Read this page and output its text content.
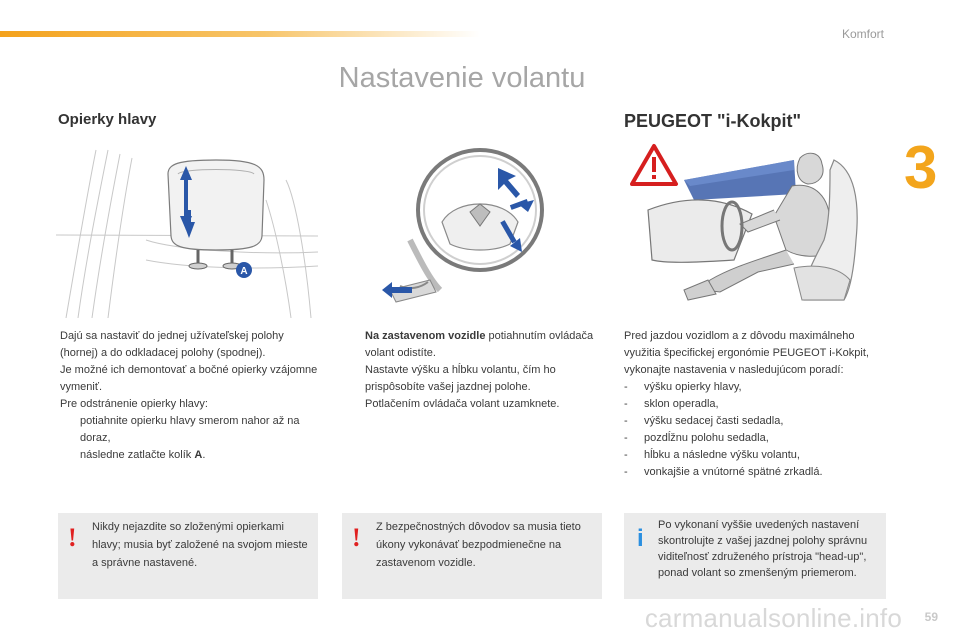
Komfort
3
Nastavenie volantu
Opierky hlavy	PEUGEOT "i-Kokpit"
A

Dajú sa nastaviť do jednej užívateľskej polohy (hornej) a do odkladacej polohy (spodnej).

Je možné ich demontovať a bočné opierky vzájomne vymeniť.

Pre odstránenie opierky hlavy:

potiahnite opierku hlavy smerom nahor až na doraz,
následne zatlačte kolík A.
Na zastavenom vozidle potiahnutím ovládača volant odistíte.
Nastavte výšku a hĺbku volantu, čím ho prispôsobíte vašej jazdnej polohe.
Potlačením ovládača volant uzamknete.

Pred jazdou vozidlom a z dôvodu maximálneho využitia špecifickej ergonómie PEUGEOT i-Kokpit, vykonajte nastavenia v nasledujúcom poradí:

- výšku opierky hlavy,
- sklon operadla,
- výšku sedacej časti sedadla,
- pozdĺžnu polohu sedadla,
- hĺbku a následne výšku volantu,
- vonkajšie a vnútorné spätné zrkadlá.
! Nikdy nejazdite so zloženými opierkami hlavy; musia byť založené na svojom mieste a správne nastavené.
! Z bezpečnostných dôvodov sa musia tieto úkony vykonávať bezpodmienečne na zastavenom vozidle.
i Po vykonaní vyššie uvedených nastavení skontrolujte z vašej jazdnej polohy správnu viditeľnosť združeného prístroja "head-up", ponad volant so zmenšeným priemerom.
carmanualsonline.info 59
